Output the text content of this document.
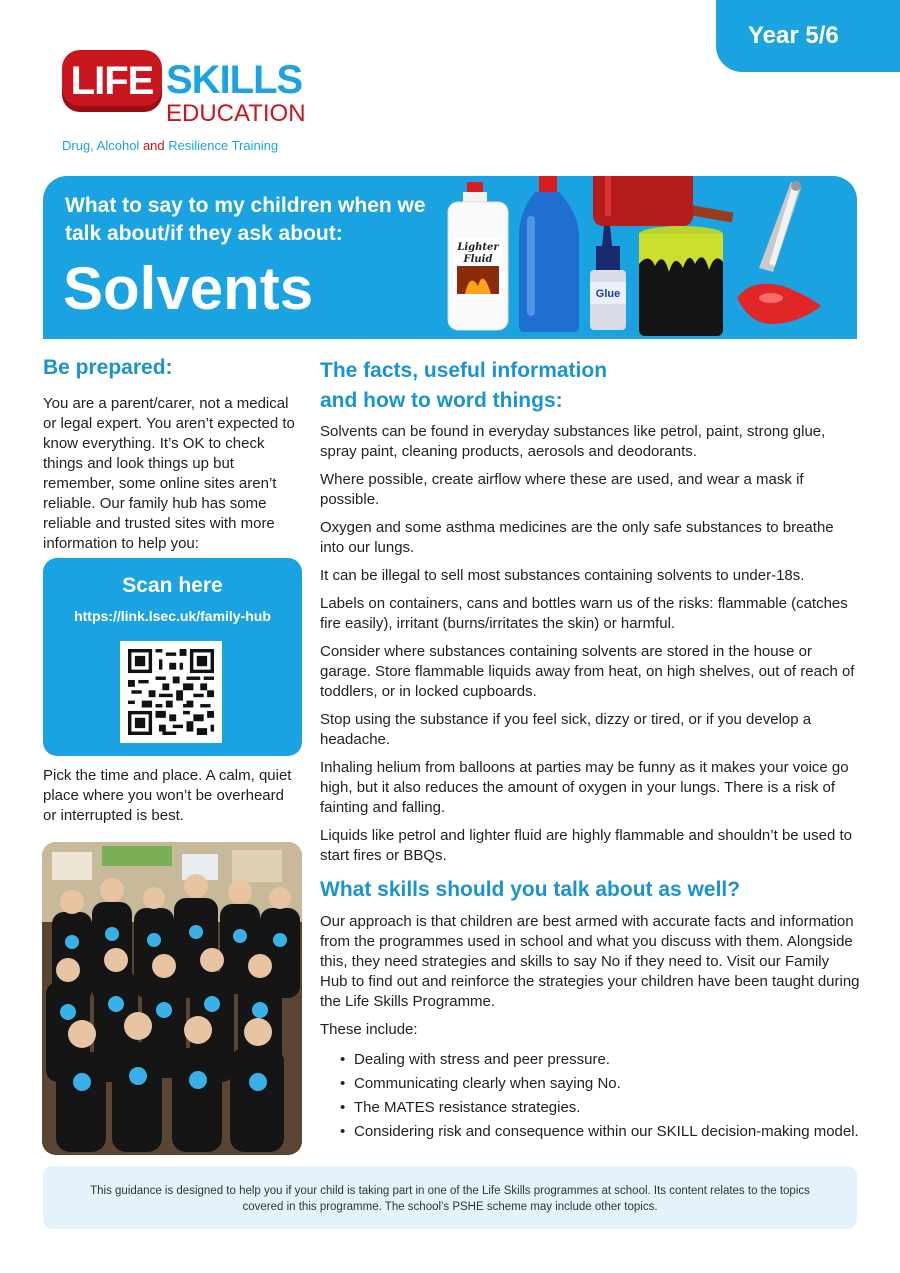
Year 5/6
LIFE SKILLS
EDUCATION
Drug, Alcohol and Resilience Training
What to say to my children when we talk about/if they ask about:
Solvents
Lighter
Fluid
Glue
Be prepared:

You are a parent/carer, not a medical or legal expert. You aren’t expected to know everything. It’s OK to check things and look things up but remember, some online sites aren’t reliable. Our family hub has some reliable and trusted sites with more information to help you:

Scan here
https://link.lsec.uk/family-hub

Pick the time and place. A calm, quiet place where you won’t be overheard or interrupted is best.

The facts, useful information
and how to word things:

Solvents can be found in everyday substances like petrol, paint, strong glue, spray paint, cleaning products, aerosols and deodorants.

Where possible, create airflow where these are used, and wear a mask if possible.

Oxygen and some asthma medicines are the only safe substances to breathe into our lungs.

It can be illegal to sell most substances containing solvents to under-18s.

Labels on containers, cans and bottles warn us of the risks: flammable (catches fire easily), irritant (burns/irritates the skin) or harmful.

Consider where substances containing solvents are stored in the house or garage. Store flammable liquids away from heat, on high shelves, out of reach of toddlers, or in locked cupboards.

Stop using the substance if you feel sick, dizzy or tired, or if you develop a headache.

Inhaling helium from balloons at parties may be funny as it makes your voice go high, but it also reduces the amount of oxygen in your lungs. There is a risk of fainting and falling.

Liquids like petrol and lighter fluid are highly flammable and shouldn’t be used to start fires or BBQs.

What skills should you talk about as well?

Our approach is that children are best armed with accurate facts and information from the programmes used in school and what you discuss with them. Alongside this, they need strategies and skills to say No if they need to. Visit our Family Hub to find out and reinforce the strategies your children have been taught during the Life Skills Programme.

These include:

• Dealing with stress and peer pressure.
• Communicating clearly when saying No.
• The MATES resistance strategies.
• Considering risk and consequence within our SKILL decision-making model.
This guidance is designed to help you if your child is taking part in one of the Life Skills programmes at school. Its content relates to the topics covered in this programme. The school’s PSHE scheme may include other topics.
